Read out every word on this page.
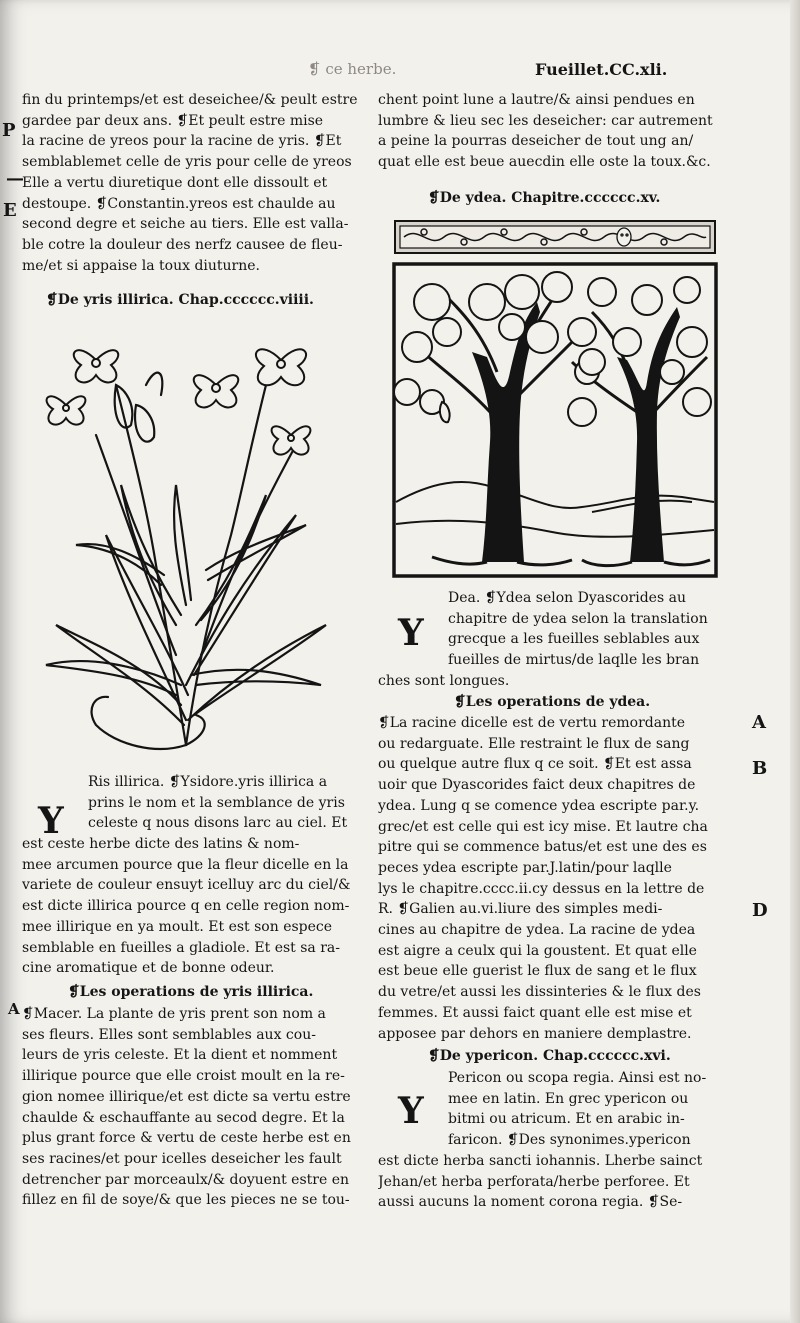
❡ ce herbe.	Fueillet.CC.xli.
P
—
E

fin du printemps/et est deseichee/& peult estre

gardee par deux ans. ❡Et peult estre mise

la racine de yreos pour la racine de yris. ❡Et

semblablemet celle de yris pour celle de yreos

Elle a vertu diuretique dont elle dissoult et

destoupe. ❡Constantin.yreos est chaulde au

second degre et seiche au tiers. Elle est valla-

ble cotre la douleur des nerfz causee de fleu-

me/et si appaise la toux diuturne.

❡De yris illirica. Chap.cccccc.viiii.
Y

Ris illirica. ❡Ysidore.yris illirica a

prins le nom et la semblance de yris

celeste q nous disons larc au ciel. Et

est ceste herbe dicte des latins & nom-

mee arcumen pource que la fleur dicelle en la

variete de couleur ensuyt icelluy arc du ciel/&

est dicte illirica pource q en celle region nom-

mee illirique en ya moult. Et est son espece

semblable en fueilles a gladiole. Et est sa ra-

cine aromatique et de bonne odeur.

❡Les operations de yris illirica.
A ❡Macer. La plante de yris prent son nom a

ses fleurs. Elles sont semblables aux cou-

leurs de yris celeste. Et la dient et nomment

illirique pource que elle croist moult en la re-

gion nomee illirique/et est dicte sa vertu estre

chaulde & eschauffante au secod degre. Et la

plus grant force & vertu de ceste herbe est en

ses racines/et pour icelles deseicher les fault

detrencher par morceaulx/& doyuent estre en

fillez en fil de soye/& que les pieces ne se tou-

chent point lune a lautre/& ainsi pendues en

lumbre & lieu sec les deseicher: car autrement

a peine la pourras deseicher de tout ung an/

quat elle est beue auecdin elle oste la toux.&c.

❡De ydea. Chapitre.cccccc.xv.
Y

Dea. ❡Ydea selon Dyascorides au

chapitre de ydea selon la translation

grecque a les fueilles seblables aux

fueilles de mirtus/de laqlle les bran

ches sont longues.

❡Les operations de ydea.

❡La racine dicelle est de vertu remordante

ou redarguate. Elle restraint le flux de sang

ou quelque autre flux q ce soit. ❡Et est assa

uoir que Dyascorides faict deux chapitres de

ydea. Lung q se comence ydea escripte par.y.

grec/et est celle qui est icy mise. Et lautre cha

pitre qui se commence batus/et est une des es

peces ydea escripte par.J.latin/pour laqlle

lys le chapitre.cccc.ii.cy dessus en la lettre de

R. ❡Galien au.vi.liure des simples medi-

cines au chapitre de ydea. La racine de ydea

est aigre a ceulx qui la goustent. Et quat elle

est beue elle guerist le flux de sang et le flux

du vetre/et aussi les dissinteries & le flux des

femmes. Et aussi faict quant elle est mise et

apposee par dehors en maniere demplastre.

A
B
D
❡De ypericon. Chap.cccccc.xvi.
Y

Pericon ou scopa regia. Ainsi est no-

mee en latin. En grec ypericon ou

bitmi ou atricum. Et en arabic in-

faricon. ❡Des synonimes.ypericon

est dicte herba sancti iohannis. Lherbe sainct

Jehan/et herba perforata/herbe perforee. Et

aussi aucuns la noment corona regia. ❡Se-
